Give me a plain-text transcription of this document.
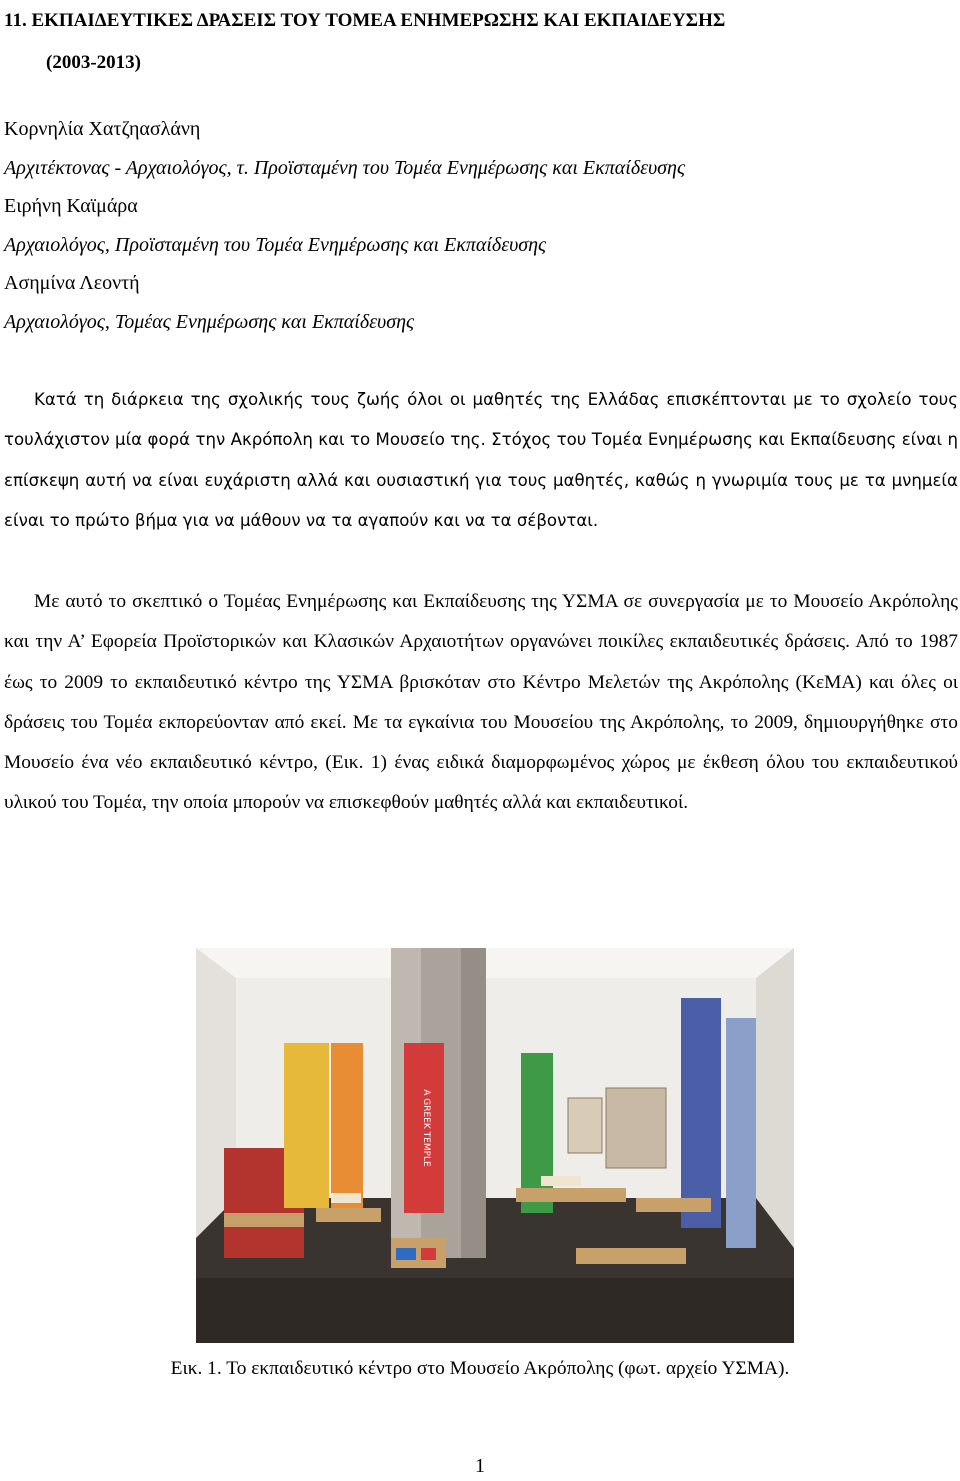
11. ΕΚΠΑΙΔΕΥΤΙΚΕΣ ΔΡΑΣΕΙΣ ΤΟΥ ΤΟΜΕΑ ΕΝΗΜΕΡΩΣΗΣ ΚΑΙ ΕΚΠΑΙΔΕΥΣΗΣ
(2003-2013)
Κορνηλία Χατζηασλάνη
Αρχιτέκτονας - Αρχαιολόγος, τ. Προϊσταμένη του Τομέα Ενημέρωσης και Εκπαίδευσης
Ειρήνη Καϊμάρα
Αρχαιολόγος, Προϊσταμένη του Τομέα Ενημέρωσης και Εκπαίδευσης
Ασημίνα Λεοντή
Αρχαιολόγος, Τομέας Ενημέρωσης και Εκπαίδευσης

Κατά τη διάρκεια της σχολικής τους ζωής όλοι οι μαθητές της Ελλάδας επισκέπτονται με το σχολείο τους τουλάχιστον μία φορά την Ακρόπολη και το Μουσείο της. Στόχος του Τομέα Ενημέρωσης και Εκπαίδευσης είναι η επίσκεψη αυτή να είναι ευχάριστη αλλά και ουσιαστική για τους μαθητές, καθώς η γνωριμία τους με τα μνημεία είναι το πρώτο βήμα για να μάθουν να τα αγαπούν και να τα σέβονται.

Με αυτό το σκεπτικό ο Τομέας Ενημέρωσης και Εκπαίδευσης της ΥΣΜΑ σε συνεργασία με το Μουσείο Ακρόπολης και την Α’ Εφορεία Προϊστορικών και Κλασικών Αρχαιοτήτων οργανώνει ποικίλες εκπαιδευτικές δράσεις. Από το 1987 έως το 2009 το εκπαιδευτικό κέντρο της ΥΣΜΑ βρισκόταν στο Κέντρο Μελετών της Ακρόπολης (ΚεΜΑ) και όλες οι δράσεις του Τομέα εκπορεύονταν από εκεί. Με τα εγκαίνια του Μουσείου της Ακρόπολης, το 2009, δημιουργήθηκε στο Μουσείο ένα νέο εκπαιδευτικό κέντρο, (Εικ. 1) ένας ειδικά διαμορφωμένος χώρος με έκθεση όλου του εκπαιδευτικού υλικού του Τομέα, την οποία μπορούν να επισκεφθούν μαθητές αλλά και εκπαιδευτικοί.

A GREEK TEMPLE
Εικ. 1. Το εκπαιδευτικό κέντρο στο Μουσείο Ακρόπολης (φωτ. αρχείο ΥΣΜΑ).
1
